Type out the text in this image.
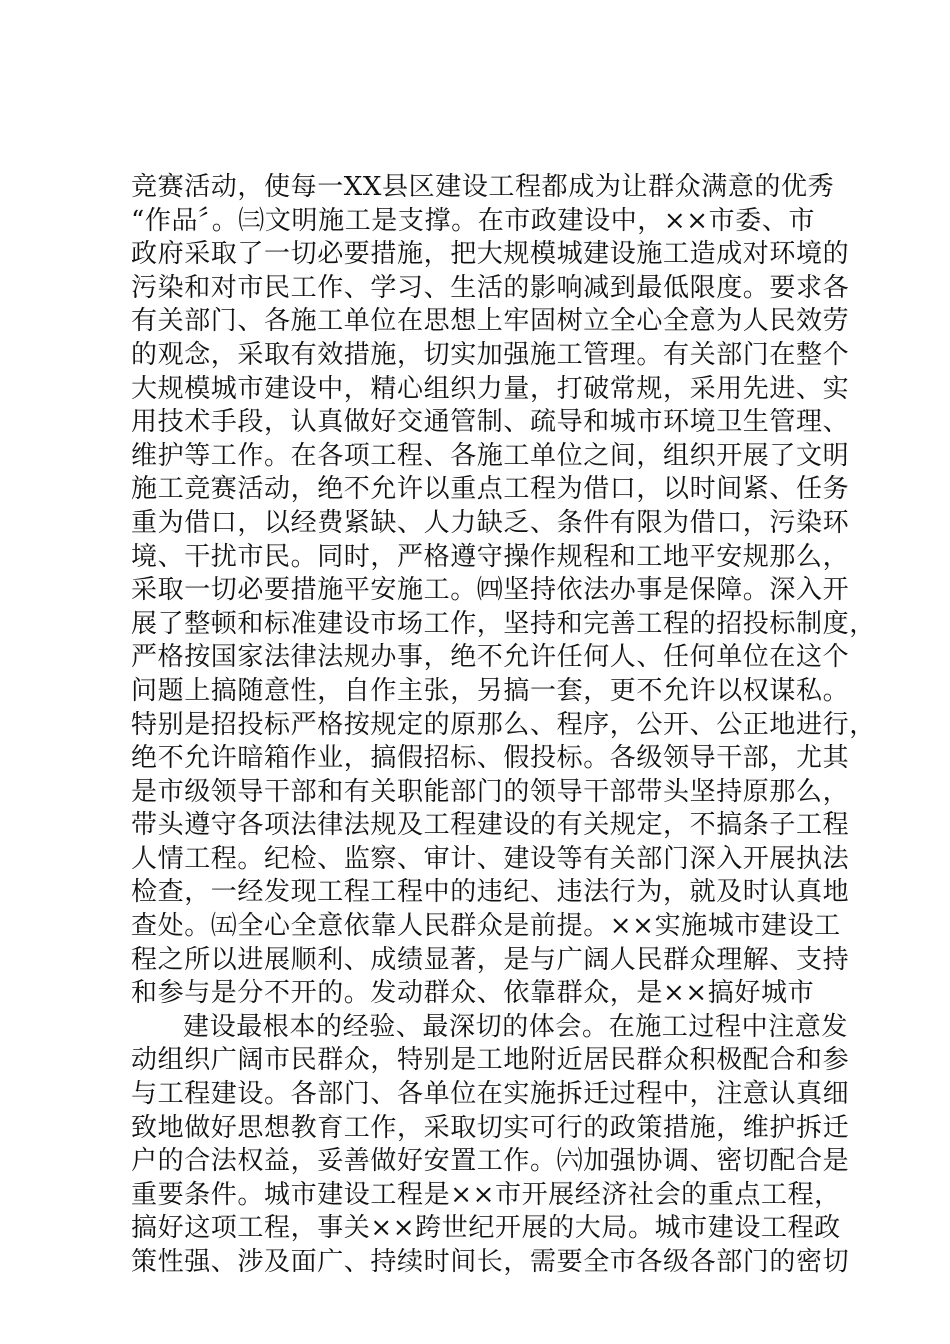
竞赛活动，使每一XX县区建设工程都成为让群众满意的优秀
“作品〞。㈢文明施工是支撑。在市政建设中，××市委、市
政府采取了一切必要措施，把大规模城建设施工造成对环境的
污染和对市民工作、学习、生活的影响减到最低限度。要求各
有关部门、各施工单位在思想上牢固树立全心全意为人民效劳
的观念，采取有效措施，切实加强施工管理。有关部门在整个
大规模城市建设中，精心组织力量，打破常规，采用先进、实
用技术手段，认真做好交通管制、疏导和城市环境卫生管理、
维护等工作。在各项工程、各施工单位之间，组织开展了文明
施工竞赛活动，绝不允许以重点工程为借口，以时间紧、任务
重为借口，以经费紧缺、人力缺乏、条件有限为借口，污染环
境、干扰市民。同时，严格遵守操作规程和工地平安规那么，
采取一切必要措施平安施工。㈣坚持依法办事是保障。深入开
展了整顿和标准建设市场工作，坚持和完善工程的招投标制度，
严格按国家法律法规办事，绝不允许任何人、任何单位在这个
问题上搞随意性，自作主张，另搞一套，更不允许以权谋私。
特别是招投标严格按规定的原那么、程序，公开、公正地进行，
绝不允许暗箱作业，搞假招标、假投标。各级领导干部，尤其
是市级领导干部和有关职能部门的领导干部带头坚持原那么，
带头遵守各项法律法规及工程建设的有关规定，不搞条子工程
人情工程。纪检、监察、审计、建设等有关部门深入开展执法
检查，一经发现工程工程中的违纪、违法行为，就及时认真地
查处。㈤全心全意依靠人民群众是前提。××实施城市建设工
程之所以进展顺利、成绩显著，是与广阔人民群众理解、支持
和参与是分不开的。发动群众、依靠群众，是××搞好城市
建设最根本的经验、最深切的体会。在施工过程中注意发
动组织广阔市民群众，特别是工地附近居民群众积极配合和参
与工程建设。各部门、各单位在实施拆迁过程中，注意认真细
致地做好思想教育工作，采取切实可行的政策措施，维护拆迁
户的合法权益，妥善做好安置工作。㈥加强协调、密切配合是
重要条件。城市建设工程是××市开展经济社会的重点工程，
搞好这项工程，事关××跨世纪开展的大局。城市建设工程政
策性强、涉及面广、持续时间长，需要全市各级各部门的密切
